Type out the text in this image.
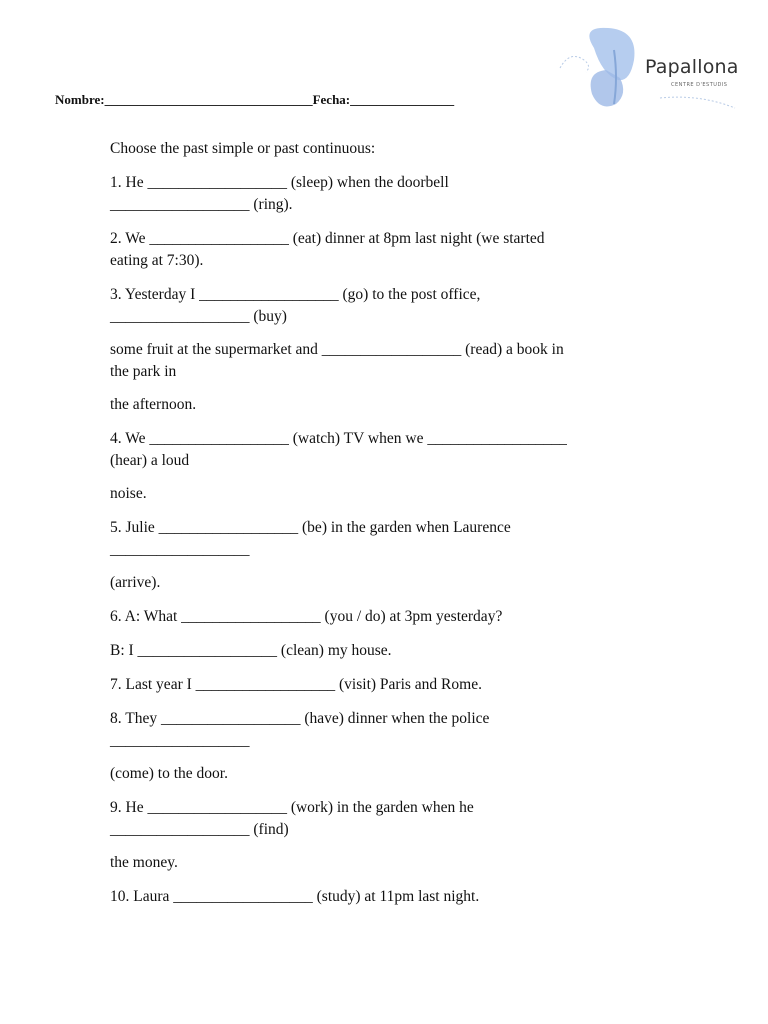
Nombre:________________________________Fecha:________________
Papallona
CENTRE D'ESTUDIS

Choose the past simple or past continuous:

1. He __________________ (sleep) when the doorbell

__________________ (ring).

2. We __________________ (eat) dinner at 8pm last night (we started

eating at 7:30).

3. Yesterday I __________________ (go) to the post office,

__________________ (buy)

some fruit at the supermarket and __________________ (read) a book in

the park in

the afternoon.

4. We __________________ (watch) TV when we __________________

(hear) a loud

noise.

5. Julie __________________ (be) in the garden when Laurence

__________________

(arrive).

6. A: What __________________ (you / do) at 3pm yesterday?

B: I __________________ (clean) my house.

7. Last year I __________________ (visit) Paris and Rome.

8. They __________________ (have) dinner when the police

__________________

(come) to the door.

9. He __________________ (work) in the garden when he

__________________ (find)

the money.

10. Laura __________________ (study) at 11pm last night.
